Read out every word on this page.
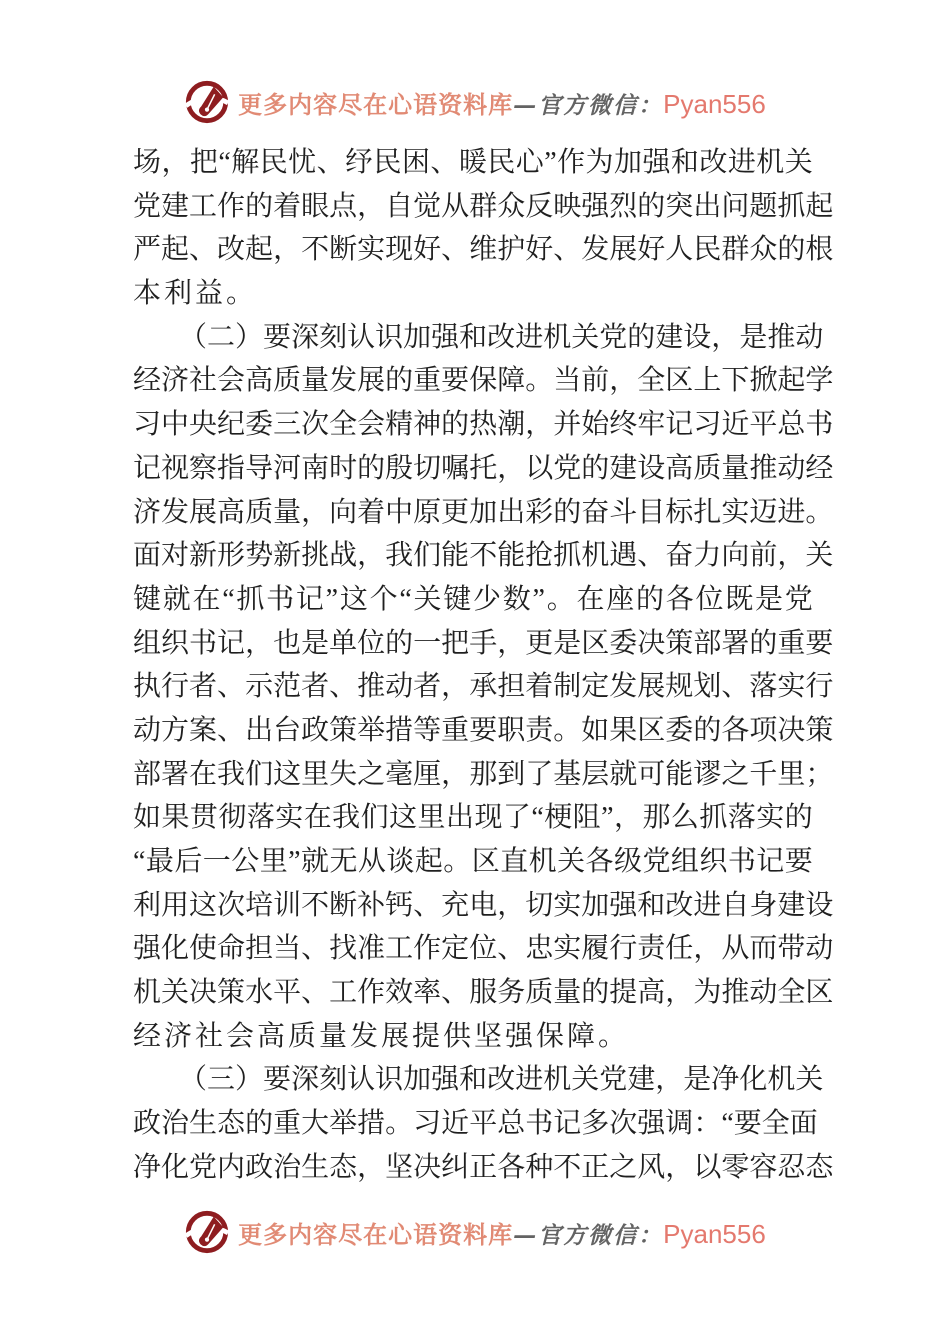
更多内容尽在心语资料库—官方微信：Pyan556
场 ， 把 “ 解 民 忧 、 纾 民 困 、 暖 民 心 ” 作 为 加 强 和 改 进 机 关
党 建 工 作 的 着 眼 点 ， 自 觉 从 群 众 反 映 强 烈 的 突 出 问 题 抓 起
严 起 、 改 起 ， 不 断 实 现 好 、 维 护 好 、 发 展 好 人 民 群 众 的 根
本利益。
（ 二 ） 要 深 刻 认 识 加 强 和 改 进 机 关 党 的 建 设 ， 是 推 动
经 济 社 会 高 质 量 发 展 的 重 要 保 障 。 当 前 ， 全 区 上 下 掀 起 学
习 中 央 纪 委 三 次 全 会 精 神 的 热 潮 ， 并 始 终 牢 记 习 近 平 总 书
记 视 察 指 导 河 南 时 的 殷 切 嘱 托 ， 以 党 的 建 设 高 质 量 推 动 经
济 发 展 高 质 量 ， 向 着 中 原 更 加 出 彩 的 奋 斗 目 标 扎 实 迈 进 。
面 对 新 形 势 新 挑 战 ， 我 们 能 不 能 抢 抓 机 遇 、 奋 力 向 前 ， 关
键 就 在 “ 抓 书 记 ” 这 个 “ 关 键 少 数 ” 。 在 座 的 各 位 既 是 党
组 织 书 记 ， 也 是 单 位 的 一 把 手 ， 更 是 区 委 决 策 部 署 的 重 要
执 行 者 、 示 范 者 、 推 动 者 ， 承 担 着 制 定 发 展 规 划 、 落 实 行
动 方 案 、 出 台 政 策 举 措 等 重 要 职 责 。 如 果 区 委 的 各 项 决 策
部 署 在 我 们 这 里 失 之 毫 厘 ， 那 到 了 基 层 就 可 能 谬 之 千 里 ；
如 果 贯 彻 落 实 在 我 们 这 里 出 现 了 “ 梗 阻 ” ， 那 么 抓 落 实 的
“ 最 后 一 公 里 ” 就 无 从 谈 起 。 区 直 机 关 各 级 党 组 织 书 记 要
利 用 这 次 培 训 不 断 补 钙 、 充 电 ， 切 实 加 强 和 改 进 自 身 建 设
强 化 使 命 担 当 、 找 准 工 作 定 位 、 忠 实 履 行 责 任 ， 从 而 带 动
机 关 决 策 水 平 、 工 作 效 率 、 服 务 质 量 的 提 高 ， 为 推 动 全 区
经济社会高质量发展提供坚强保障。
（ 三 ） 要 深 刻 认 识 加 强 和 改 进 机 关 党 建 ， 是 净 化 机 关
政 治 生 态 的 重 大 举 措 。 习 近 平 总 书 记 多 次 强 调 ： “ 要 全 面
净 化 党 内 政 治 生 态 ， 坚 决 纠 正 各 种 不 正 之 风 ， 以 零 容 忍 态
更多内容尽在心语资料库—官方微信：Pyan556
